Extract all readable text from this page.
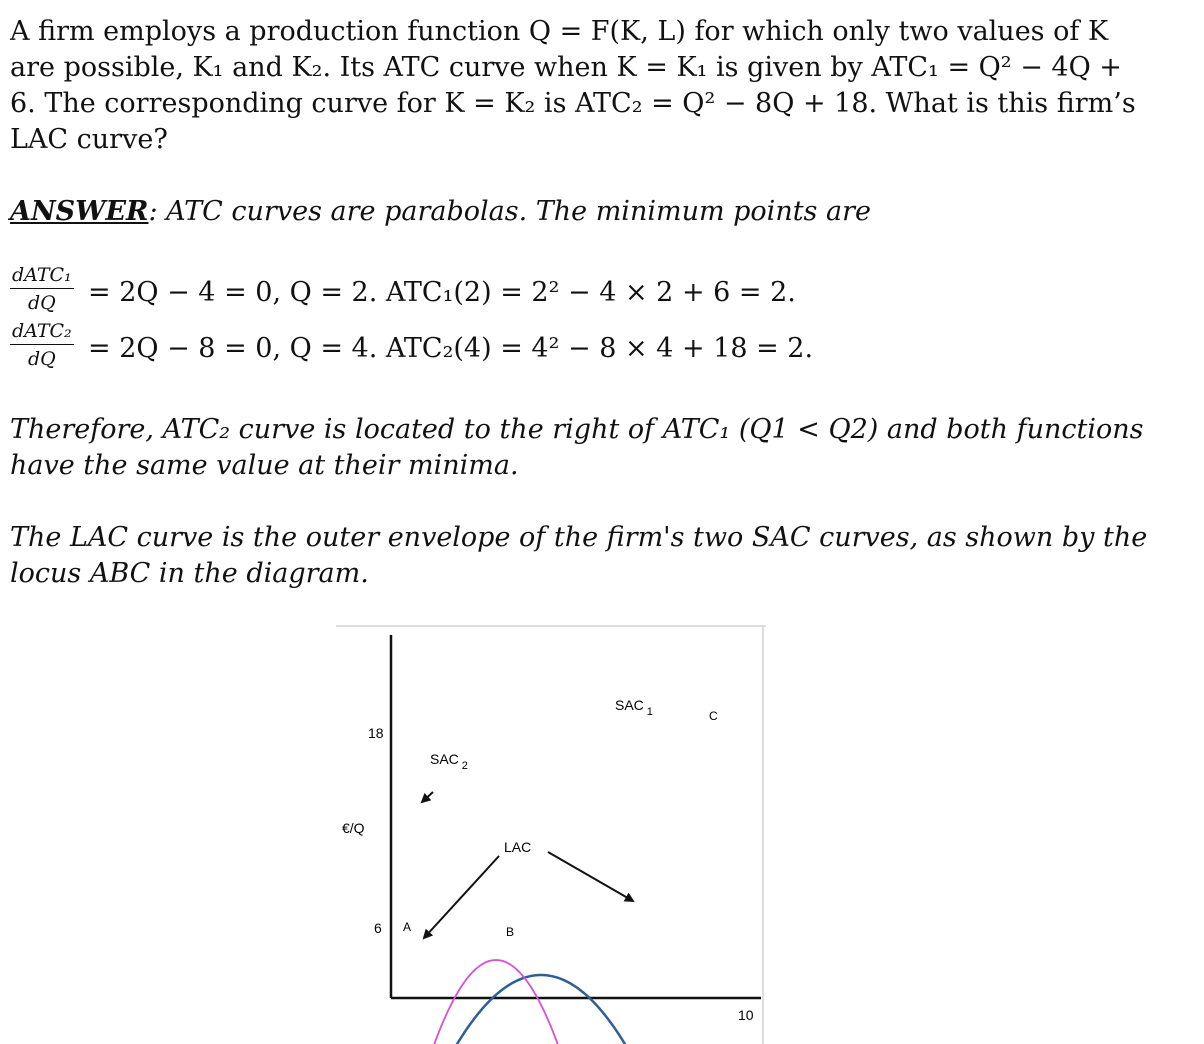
A firm employs a production function Q = F(K, L) for which only two values of K

are possible, K₁ and K₂. Its ATC curve when K = K₁ is given by ATC₁ = Q² − 4Q +

6. The corresponding curve for K = K₂ is ATC₂ = Q² − 8Q + 18. What is this firm’s

LAC curve?

ANSWER: ATC curves are parabolas. The minimum points are

dATC₁
dQ	= 2Q − 4 = 0, Q = 2. ATC₁(2) = 2² − 4 × 2 + 6 = 2.
dATC₂
dQ	= 2Q − 8 = 0, Q = 4. ATC₂(4) = 4² − 8 × 4 + 18 = 2.

Therefore, ATC₂ curve is located to the right of ATC₁ (Q1 < Q2) and both functions

have the same value at their minima.

The LAC curve is the outer envelope of the firm's two SAC curves, as shown by the

locus ABC in the diagram.

18
6
10
€/Q
SAC $_2$
SAC $_1$
LAC
A	B
C
